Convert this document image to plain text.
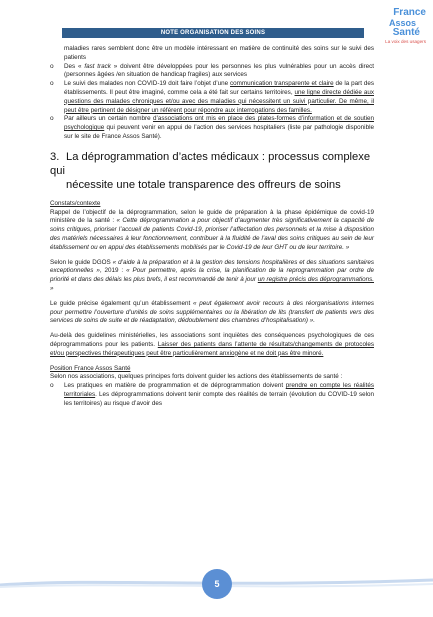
NOTE ORGANISATION DES SOINS
France
Assos
Santé
La voix des usagers

maladies rares semblent donc être un modèle intéressant en matière de continuité des soins sur le suivi des patients

o Des « fast track » doivent être développées pour les personnes les plus vulnérables pour un accès direct (personnes âgées /en situation de handicap fragiles) aux services
o Le suivi des malades non COVID-19 doit faire l’objet d’une communication transparente et claire de la part des établissements. Il peut être imaginé, comme cela a été fait sur certains territoires, une ligne directe dédiée aux questions des malades chroniques et/ou avec des maladies qui nécessitent un suivi particulier. De même, il peut être pertinent de désigner un référent pour répondre aux interrogations des familles.
o Par ailleurs un certain nombre d’associations ont mis en place des plates-formes d’information et de soutien psychologique qui peuvent venir en appui de l’action des services hospitaliers (liste par pathologie disponible sur le site de France Assos Santé).
3. La déprogrammation d’actes médicaux : processus complexe qui
nécessite une totale transparence des offreurs de soins
Constats/contexte

Rappel de l’objectif de la déprogrammation, selon le guide de préparation à la phase épidémique de covid-19 ministère de la santé : « Cette déprogrammation a pour objectif d’augmenter très significativement la capacité de soins critiques, prioriser l’accueil de patients Covid-19, prioriser l’affectation des personnels et la mise à disposition des matériels nécessaires à leur fonctionnement, contribuer à la fluidité de l’aval des soins critiques au sein de leur établissement ou en appui des établissements mobilisés par le Covid-19 de leur GHT ou de leur territoire. »

Selon le guide DGOS « d’aide à la préparation et à la gestion des tensions hospitalières et des situations sanitaires exceptionnelles », 2019 : « Pour permettre, après la crise, la planification de la reprogrammation par ordre de priorité et dans des délais les plus brefs, il est recommandé de tenir à jour un registre précis des déprogrammations. »

Le guide précise également qu’un établissement « peut également avoir recours à des réorganisations internes pour permettre l’ouverture d’unités de soins supplémentaires ou la libération de lits (transfert de patients vers des services de soins de suite et de réadaptation, dédoublement des chambres d’hospitalisation) ».

Au-delà des guidelines ministérielles, les associations sont inquiètes des conséquences psychologiques de ces déprogrammations pour les patients. Laisser des patients dans l’attente de résultats/changements de protocoles et/ou perspectives thérapeutiques peut être particulièrement anxiogène et ne doit pas être minoré.

Position France Assos Santé

Selon nos associations, quelques principes forts doivent guider les actions des établissements de santé :

o Les pratiques en matière de programmation et de déprogrammation doivent prendre en compte les réalités territoriales. Les déprogrammations doivent tenir compte des réalités de terrain (évolution du COVID-19 selon les territoires) au risque d’avoir des
5
